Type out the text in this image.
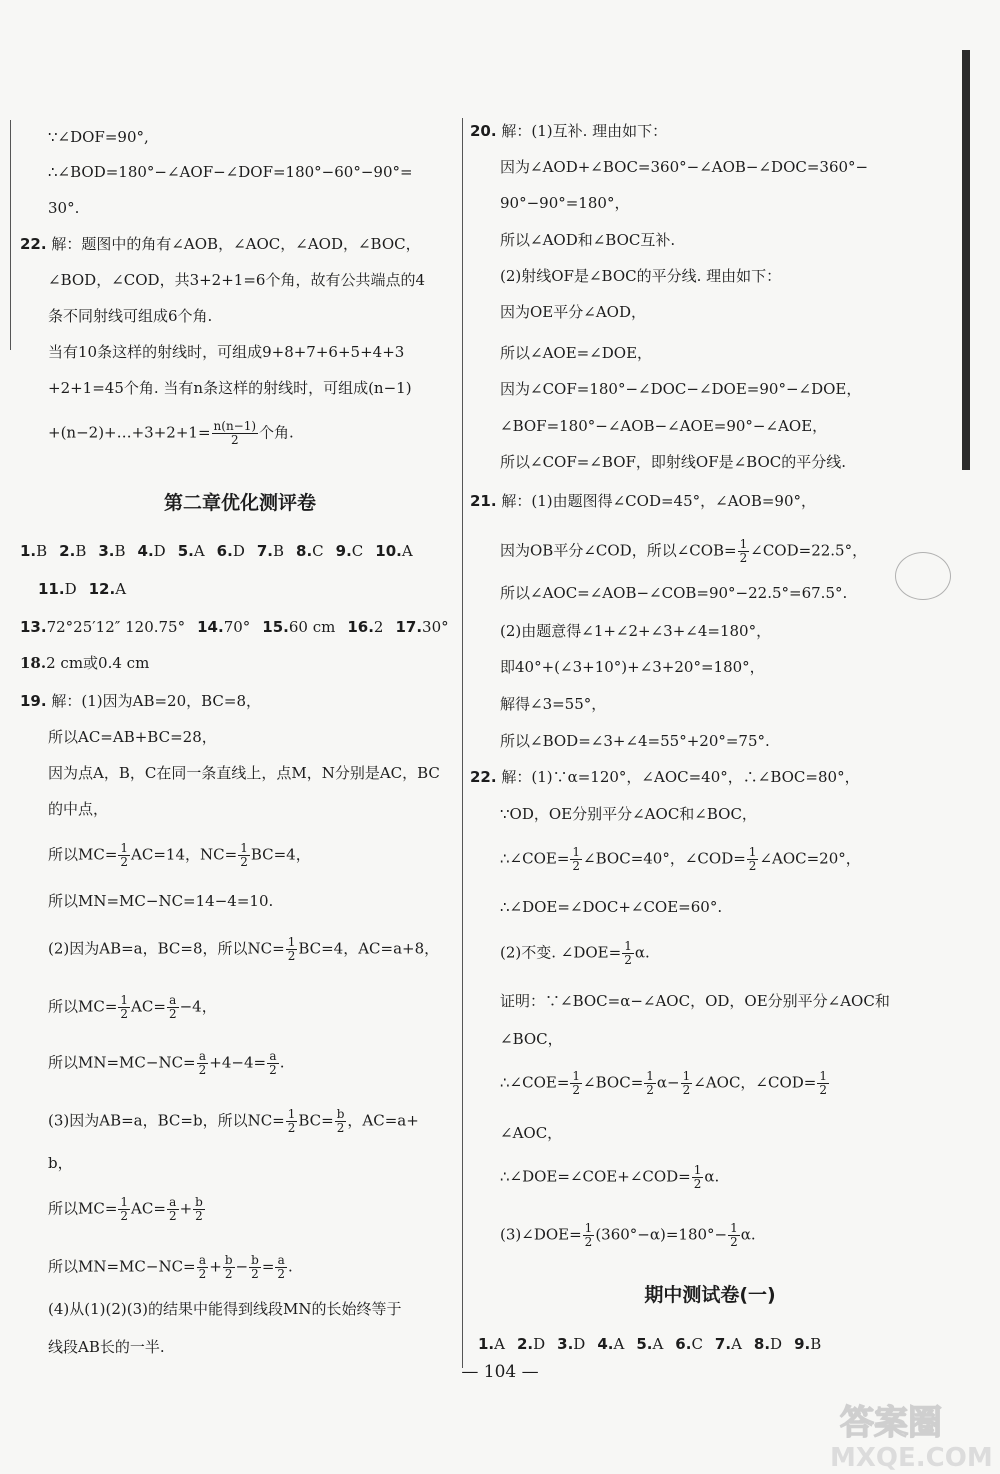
∵∠DOF=90°,
∴∠BOD=180°−∠AOF−∠DOF=180°−60°−90°=
30°.
22. 解：题图中的角有∠AOB，∠AOC，∠AOD，∠BOC，
∠BOD，∠COD，共3+2+1=6个角，故有公共端点的4
条不同射线可组成6个角.
当有10条这样的射线时，可组成9+8+7+6+5+4+3
+2+1=45个角. 当有n条这样的射线时，可组成(n−1)
+(n−2)+…+3+2+1= $\frac{n(n-1)}{2}$ 个角.
第二章优化测评卷
1.B 2.B 3.B 4.D 5.A 6.D 7.B 8.C 9.C 10.A
11.D 12.A
13.72°25′12″ 120.75° 14.70° 15.60 cm 16.2 17.30°
18.2 cm或0.4 cm
19. 解：(1)因为AB=20，BC=8，
所以AC=AB+BC=28，
因为点A，B，C在同一条直线上，点M，N分别是AC，BC
的中点，
所以$MC= \frac{1}{2} AC=14$，$NC= \frac{1}{2} BC=4$，
所以MN=MC−NC=14−4=10.
(2)因为AB=a，BC=8，所以$NC= \frac{1}{2} BC=4$，AC=a+8，
所以$MC= \frac{1}{2} AC= \frac{a}{2} -4$，
所以$MN=MC-NC= \frac{a}{2} +4-4= \frac{a}{2}$ .
(3)因为AB=a，BC=b，所以$NC= \frac{1}{2} BC= \frac{b}{2}$ ，AC=a+
b，
所以$MC= \frac{1}{2} AC= \frac{a}{2} + \frac{b}{2}$
所以$MN=MC-NC= \frac{a}{2} + \frac{b}{2} - \frac{b}{2} = \frac{a}{2}$ .
(4)从(1)(2)(3)的结果中能得到线段MN的长始终等于
线段AB长的一半.
20. 解：(1)互补. 理由如下：
因为∠AOD+∠BOC=360°−∠AOB−∠DOC=360°−
90°−90°=180°，
所以∠AOD和∠BOC互补.
(2)射线OF是∠BOC的平分线. 理由如下：
因为OE平分∠AOD，
所以∠AOE=∠DOE，
因为∠COF=180°−∠DOC−∠DOE=90°−∠DOE，
∠BOF=180°−∠AOB−∠AOE=90°−∠AOE，
所以∠COF=∠BOF，即射线OF是∠BOC的平分线.
21. 解：(1)由题图得∠COD=45°，∠AOB=90°，
因为OB平分∠COD，所以∠COB= $\frac{1}{2}$ ∠COD=22.5°，
所以∠AOC=∠AOB−∠COB=90°−22.5°=67.5°.
(2)由题意得∠1+∠2+∠3+∠4=180°，
即40°+(∠3+10°)+∠3+20°=180°，
解得∠3=55°，
所以∠BOD=∠3+∠4=55°+20°=75°.
22. 解：(1)∵α=120°，∠AOC=40°，∴∠BOC=80°，
∵OD，OE分别平分∠AOC和∠BOC，
∴∠COE= $\frac{1}{2}$ ∠BOC=40°，∠COD= $\frac{1}{2}$ ∠AOC=20°，
∴∠DOE=∠DOC+∠COE=60°.
(2)不变. ∠DOE= $\frac{1}{2} \alpha$.
证明：∵∠BOC=α−∠AOC，OD，OE分别平分∠AOC和
∠BOC，
∴∠COE= $\frac{1}{2}$ ∠BOC= $\frac{1}{2} \alpha- \frac{1}{2}$ ∠AOC，∠COD= $\frac{1}{2}$
∠AOC，
∴∠DOE=∠COE+∠COD= $\frac{1}{2} \alpha$.
(3)∠DOE= $\frac{1}{2} (360^\circ-\alpha)=180^\circ- \frac{1}{2} \alpha$.
期中测试卷(一)
1.A 2.D 3.D 4.A 5.A 6.C 7.A 8.D 9.B
— 104 —
答案圈
MXQE.COM
